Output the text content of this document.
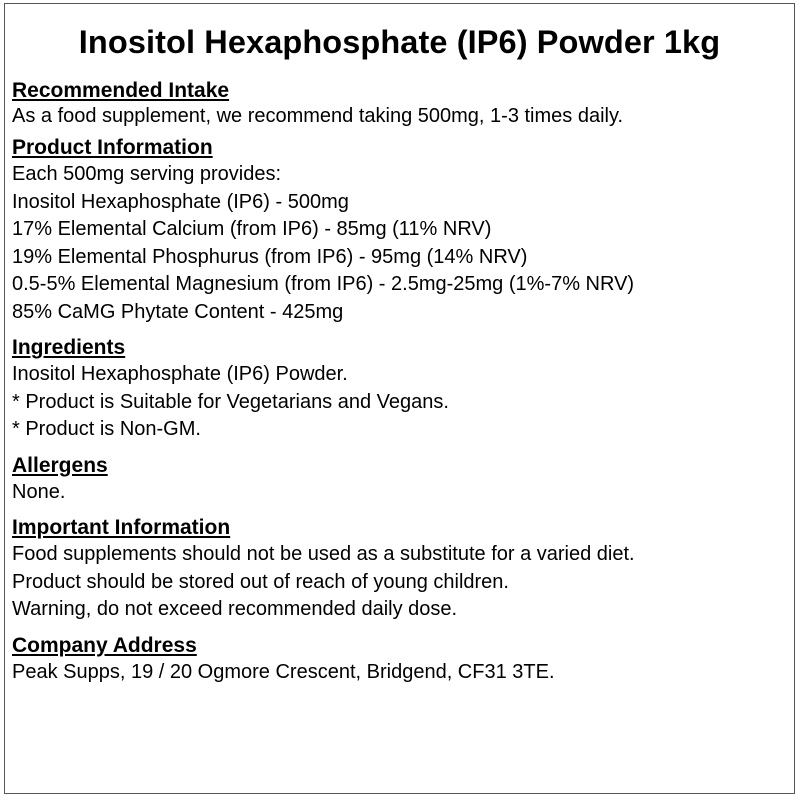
Inositol Hexaphosphate (IP6) Powder 1kg
Recommended Intake
As a food supplement, we recommend taking 500mg, 1-3 times daily.
Product Information
Each 500mg serving provides:
Inositol Hexaphosphate (IP6) - 500mg
17% Elemental Calcium (from IP6) - 85mg (11% NRV)
19% Elemental Phosphurus (from IP6) - 95mg (14% NRV)
0.5-5% Elemental Magnesium (from IP6) - 2.5mg-25mg (1%-7% NRV)
85% CaMG Phytate Content - 425mg
Ingredients
Inositol Hexaphosphate (IP6) Powder.
* Product is Suitable for Vegetarians and Vegans.
* Product is Non-GM.
Allergens
None.
Important Information
Food supplements should not be used as a substitute for a varied diet.
Product should be stored out of reach of young children.
Warning, do not exceed recommended daily dose.
Company Address
Peak Supps, 19 / 20 Ogmore Crescent, Bridgend, CF31 3TE.
